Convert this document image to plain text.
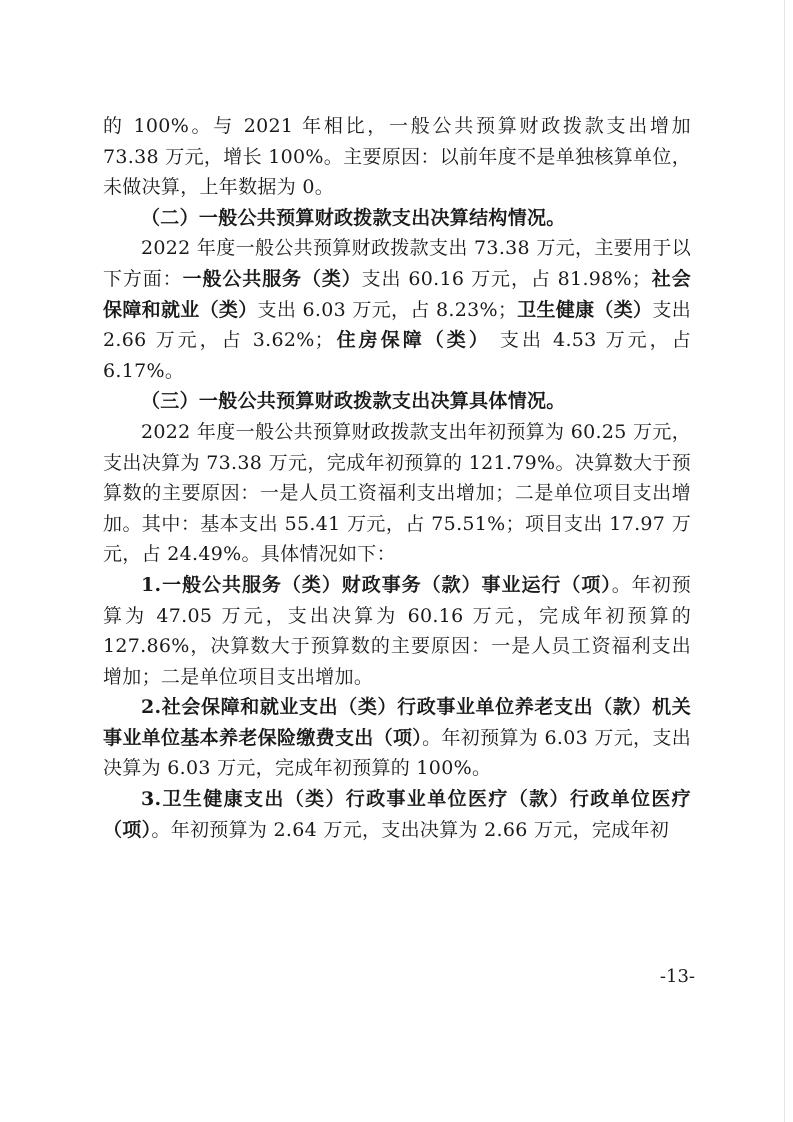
的 100%。与 2021 年相比，一般公共预算财政拨款支出增加 73.38 万元，增长 100%。主要原因：以前年度不是单独核算单位，未做决算，上年数据为 0。

（二）一般公共预算财政拨款支出决算结构情况。

2022 年度一般公共预算财政拨款支出 73.38 万元，主要用于以下方面：一般公共服务（类）支出 60.16 万元，占 81.98%；社会保障和就业（类）支出 6.03 万元，占 8.23%；卫生健康（类）支出 2.66 万元，占 3.62%；住房保障（类） 支出 4.53 万元，占 6.17%。

（三）一般公共预算财政拨款支出决算具体情况。

2022 年度一般公共预算财政拨款支出年初预算为 60.25 万元，支出决算为 73.38 万元，完成年初预算的 121.79%。决算数大于预算数的主要原因：一是人员工资福利支出增加；二是单位项目支出增加。其中：基本支出 55.41 万元，占 75.51%；项目支出 17.97 万元，占 24.49%。具体情况如下：

1.一般公共服务（类）财政事务（款）事业运行（项）。年初预算为 47.05 万元，支出决算为 60.16 万元，完成年初预算的 127.86%，决算数大于预算数的主要原因：一是人员工资福利支出增加；二是单位项目支出增加。

2.社会保障和就业支出（类）行政事业单位养老支出（款）机关事业单位基本养老保险缴费支出（项）。年初预算为 6.03 万元，支出决算为 6.03 万元，完成年初预算的 100%。

3.卫生健康支出（类）行政事业单位医疗（款）行政单位医疗（项）。年初预算为 2.64 万元，支出决算为 2.66 万元，完成年初

-13-
